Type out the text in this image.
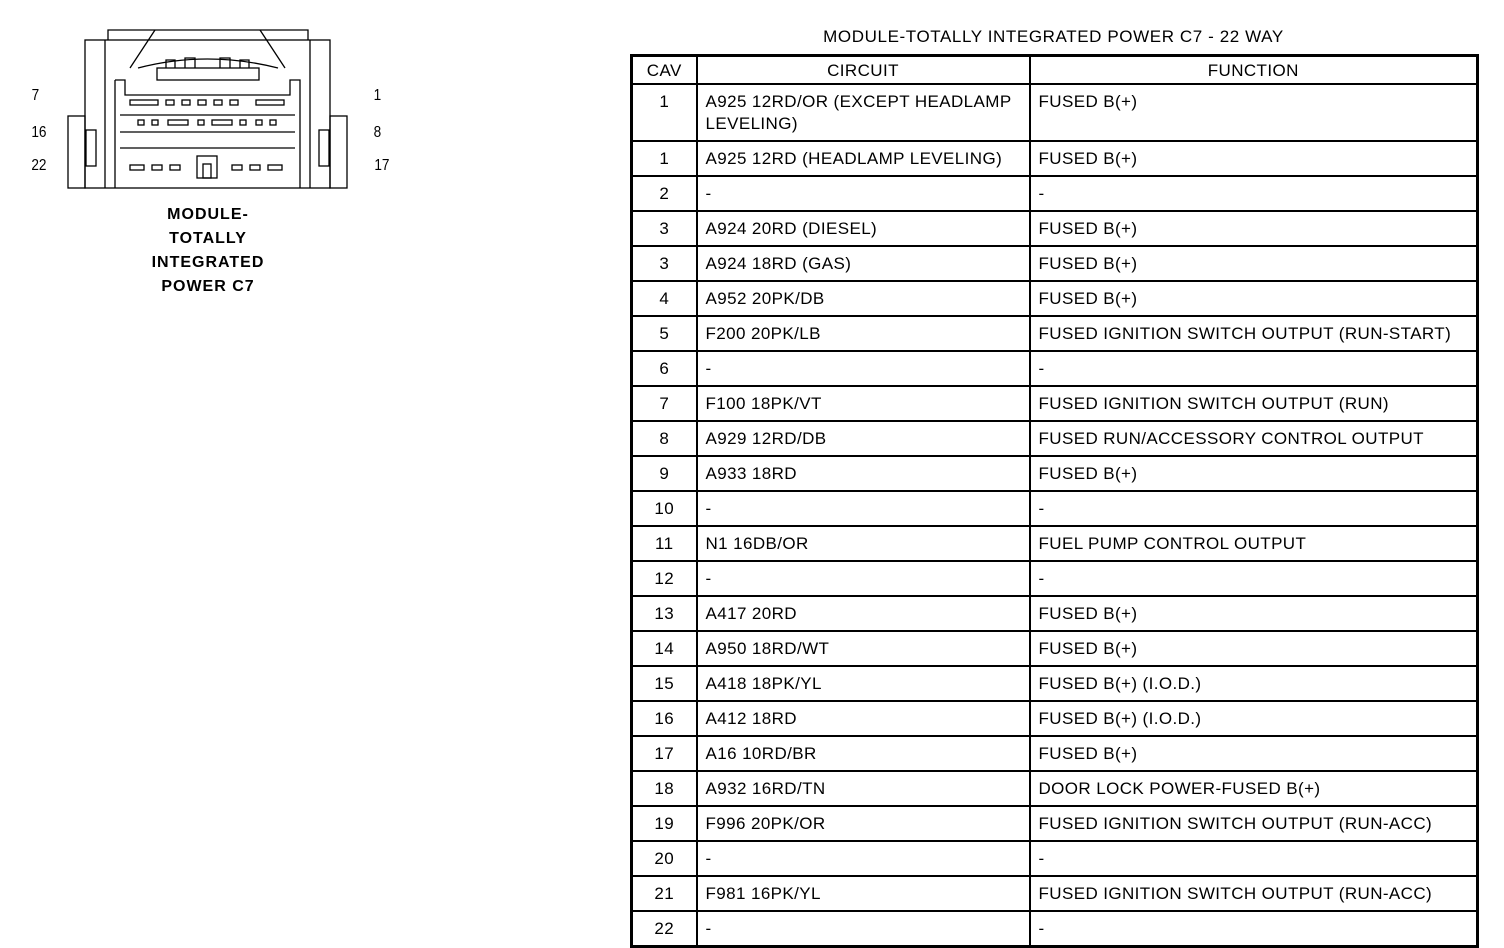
7
16
22
1
8
17
MODULE-
TOTALLY
INTEGRATED
POWER C7
MODULE-TOTALLY INTEGRATED POWER C7 - 22 WAY
CAV	CIRCUIT	FUNCTION
1	A925 12RD/OR (EXCEPT HEADLAMP LEVELING)	FUSED B(+)
1	A925 12RD (HEADLAMP LEVELING)	FUSED B(+)
2	-	-
3	A924 20RD (DIESEL)	FUSED B(+)
3	A924 18RD (GAS)	FUSED B(+)
4	A952 20PK/DB	FUSED B(+)
5	F200 20PK/LB	FUSED IGNITION SWITCH OUTPUT (RUN-START)
6	-	-
7	F100 18PK/VT	FUSED IGNITION SWITCH OUTPUT (RUN)
8	A929 12RD/DB	FUSED RUN/ACCESSORY CONTROL OUTPUT
9	A933 18RD	FUSED B(+)
10	-	-
11	N1 16DB/OR	FUEL PUMP CONTROL OUTPUT
12	-	-
13	A417 20RD	FUSED B(+)
14	A950 18RD/WT	FUSED B(+)
15	A418 18PK/YL	FUSED B(+) (I.O.D.)
16	A412 18RD	FUSED B(+) (I.O.D.)
17	A16 10RD/BR	FUSED B(+)
18	A932 16RD/TN	DOOR LOCK POWER-FUSED B(+)
19	F996 20PK/OR	FUSED IGNITION SWITCH OUTPUT (RUN-ACC)
20	-	-
21	F981 16PK/YL	FUSED IGNITION SWITCH OUTPUT (RUN-ACC)
22	-	-
